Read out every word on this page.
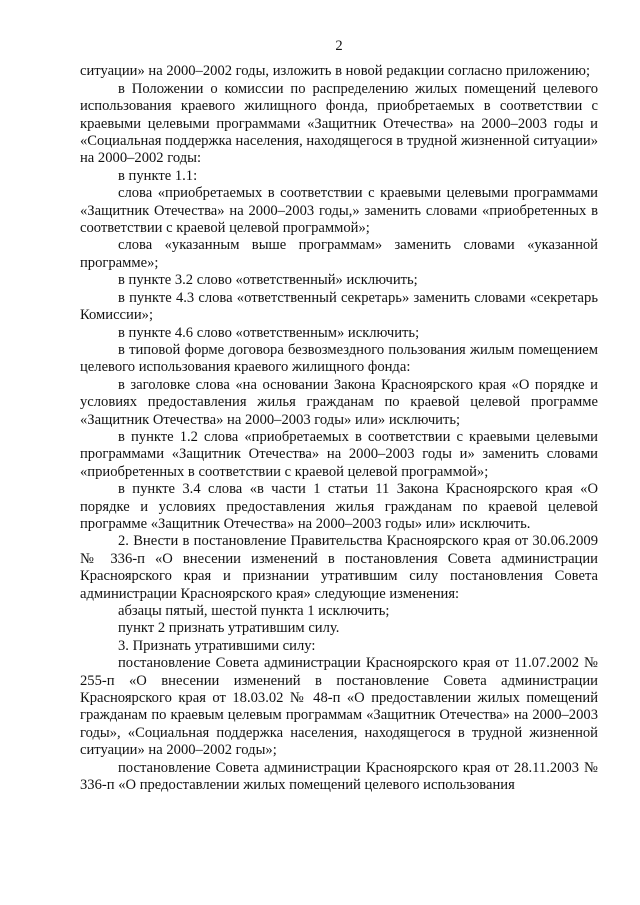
2

ситуации» на 2000–2002 годы, изложить в новой редакции согласно приложению;

в Положении о комиссии по распределению жилых помещений целевого использования краевого жилищного фонда, приобретаемых в соответствии с краевыми целевыми программами «Защитник Отечества» на 2000–2003 годы и «Социальная поддержка населения, находящегося в трудной жизненной ситуации» на 2000–2002 годы:

в пункте 1.1:

слова «приобретаемых в соответствии с краевыми целевыми программами «Защитник Отечества» на 2000–2003 годы,» заменить словами «приобретенных в соответствии с краевой целевой программой»;

слова «указанным выше программам» заменить словами «указанной программе»;

в пункте 3.2 слово «ответственный» исключить;

в пункте 4.3 слова «ответственный секретарь» заменить словами «секретарь Комиссии»;

в пункте 4.6 слово «ответственным» исключить;

в типовой форме договора безвозмездного пользования жилым помещением целевого использования краевого жилищного фонда:

в заголовке слова «на основании Закона Красноярского края «О порядке и условиях предоставления жилья гражданам по краевой целевой программе «Защитник Отечества» на 2000–2003 годы» или» исключить;

в пункте 1.2 слова «приобретаемых в соответствии с краевыми целевыми программами «Защитник Отечества» на 2000–2003 годы и» заменить словами «приобретенных в соответствии с краевой целевой программой»;

в пункте 3.4 слова «в части 1 статьи 11 Закона Красноярского края «О порядке и условиях предоставления жилья гражданам по краевой целевой программе «Защитник Отечества» на 2000–2003 годы» или» исключить.

2. Внести в постановление Правительства Красноярского края от 30.06.2009 № 336-п «О внесении изменений в постановления Совета администрации Красноярского края и признании утратившим силу постановления Совета администрации Красноярского края» следующие изменения:

абзацы пятый, шестой пункта 1 исключить;

пункт 2 признать утратившим силу.

3. Признать утратившими силу:

постановление Совета администрации Красноярского края от 11.07.2002 № 255-п «О внесении изменений в постановление Совета администрации Красноярского края от 18.03.02 № 48-п «О предоставлении жилых помещений гражданам по краевым целевым программам «Защитник Отечества» на 2000–2003 годы», «Социальная поддержка населения, находящегося в трудной жизненной ситуации» на 2000–2002 годы»;

постановление Совета администрации Красноярского края от 28.11.2003 № 336-п «О предоставлении жилых помещений целевого использования
